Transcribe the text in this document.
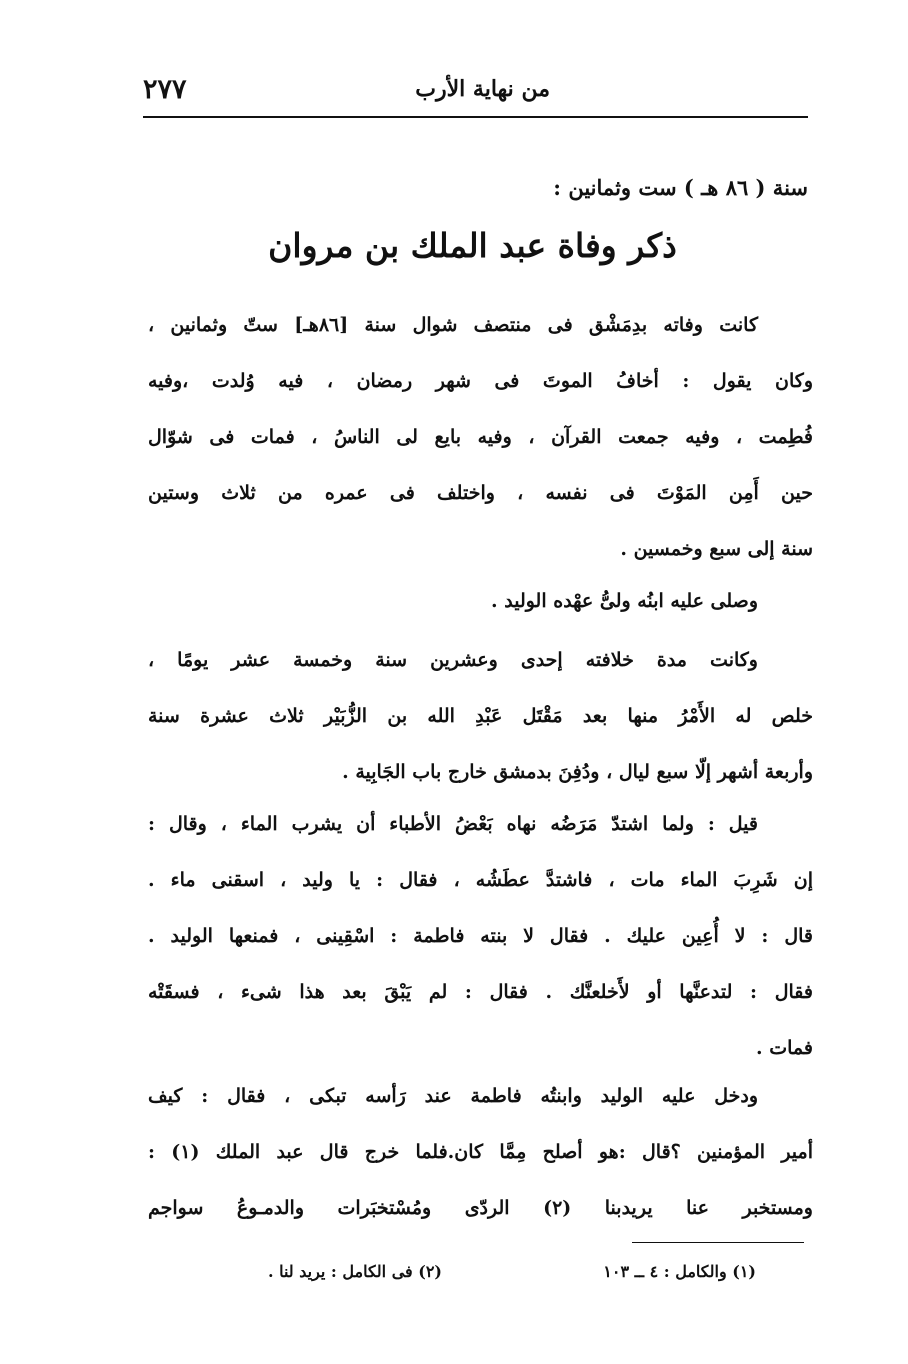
٢٧٧	من نهاية الأرب
سنة ( ٨٦ هـ ) ست وثمانين :
ذكر وفاة عبد الملك بن مروان
كانت وفاته بدِمَشْق فى منتصف شوال سنة [٨٦هـ] ستّ وثمانين ،
وكان يقول : أخافُ الموتَ فى شهر رمضان ، فيه وُلدت ،وفيه
فُطِمت ، وفيه جمعت القرآن ، وفيه بايع لى الناسُ ، فمات فى شوّال
حين أَمِن المَوْتَ فى نفسه ، واختلف فى عمره من ثلاث وستين
سنة إلى سبع وخمسين .
وصلى عليه ابنُه ولىُّ عهْده الوليد .
وكانت مدة خلافته إحدى وعشرين سنة وخمسة عشر يومًا ،
خلص له الأَمْرُ منها بعد مَقْتَل عَبْدِ الله بن الزُّبَيْر ثلاث عشرة سنة
وأربعة أشهر إلّا سبع ليال ، ودُفِنَ بدمشق خارج باب الجَابِية .
قيل : ولما اشتدّ مَرَضُه نهاه بَعْضُ الأطباء أن يشرب الماء ، وقال :
إن شَرِبَ الماء مات ، فاشتدَّ عطَشُه ، فقال : يا وليد ، اسقنى ماء .
قال : لا أُعِين عليك . فقال لا بنته فاطمة : اسْقِينى ، فمنعها الوليد .
فقال : لتدعنَّها أو لأَخلعنَّك . فقال : لم يَبْقَ بعد هذا شىء ، فسقَتْه
فمات .
ودخل عليه الوليد وابنتُه فاطمة عند رَأسه تبكى ، فقال : كيف
أمير المؤمنين ؟قال :هو أصلح مِمَّا كان.فلما خرج قال عبد الملك (١) :
ومستخبر عنا يريدبنا (٢) الردّى ومُسْتخبَرات والدمـوعُ سواجم
(١) والكامل : ٤ ــ ١٠٣
(٢) فى الكامل : يريد لنا .
